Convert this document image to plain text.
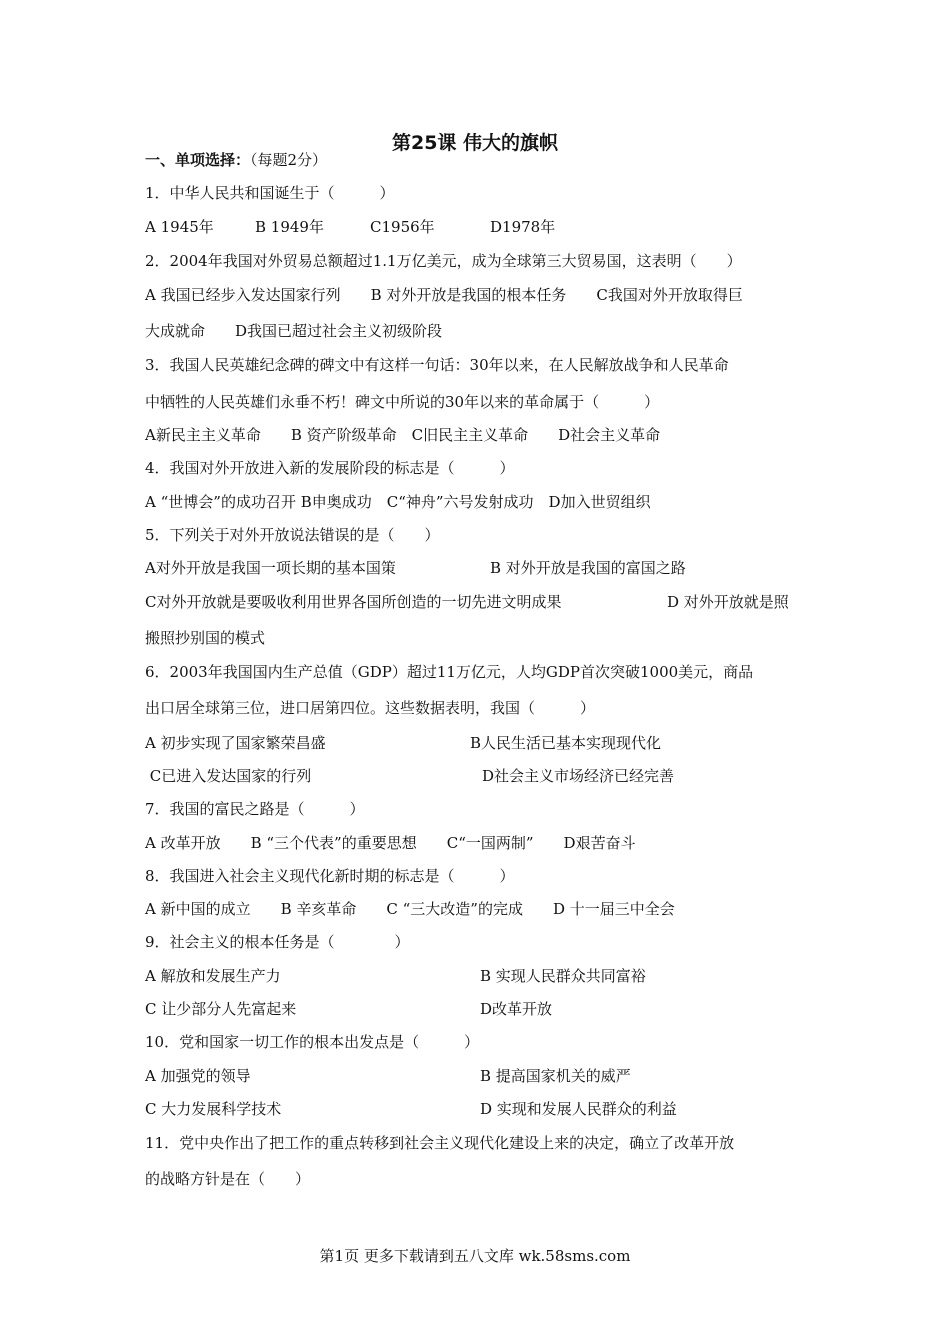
第25课 伟大的旗帜
一、单项选择：（每题2分）
1．中华人民共和国诞生于（　　　）
A 1945年	B 1949年	C1956年	D1978年
2．2004年我国对外贸易总额超过1.1万亿美元，成为全球第三大贸易国，这表明（　　）
A 我国已经步入发达国家行列　　B 对外开放是我国的根本任务　　C我国对外开放取得巨
大成就命　　D我国已超过社会主义初级阶段
3．我国人民英雄纪念碑的碑文中有这样一句话：30年以来，在人民解放战争和人民革命
中牺牲的人民英雄们永垂不朽！碑文中所说的30年以来的革命属于（　　　）
A新民主主义革命　　B 资产阶级革命　C旧民主主义革命　　D社会主义革命
4．我国对外开放进入新的发展阶段的标志是（　　　）
A “世博会”的成功召开 B申奥成功　C“神舟”六号发射成功　D加入世贸组织
5．下列关于对外开放说法错误的是（　　）
A对外开放是我国一项长期的基本国策	B 对外开放是我国的富国之路
C对外开放就是要吸收利用世界各国所创造的一切先进文明成果	D 对外开放就是照
搬照抄别国的模式
6．2003年我国国内生产总值（GDP）超过11万亿元，人均GDP首次突破1000美元，商品
出口居全球第三位，进口居第四位。这些数据表明，我国（　　　）
A 初步实现了国家繁荣昌盛	B人民生活已基本实现现代化
C已进入发达国家的行列	D社会主义市场经济已经完善
7．我国的富民之路是（　　　）
A 改革开放　　B “三个代表”的重要思想　　C“一国两制”　　D艰苦奋斗
8．我国进入社会主义现代化新时期的标志是（　　　）
A 新中国的成立　　B 辛亥革命　　C “三大改造”的完成　　D 十一届三中全会
9．社会主义的根本任务是（　　　　）
A 解放和发展生产力	B 实现人民群众共同富裕
C 让少部分人先富起来	D改革开放
10．党和国家一切工作的根本出发点是（　　　）
A 加强党的领导	B 提高国家机关的威严
C 大力发展科学技术	D 实现和发展人民群众的利益
11．党中央作出了把工作的重点转移到社会主义现代化建设上来的决定，确立了改革开放
的战略方针是在（　　）
第1页 更多下载请到五八文库 wk.58sms.com
